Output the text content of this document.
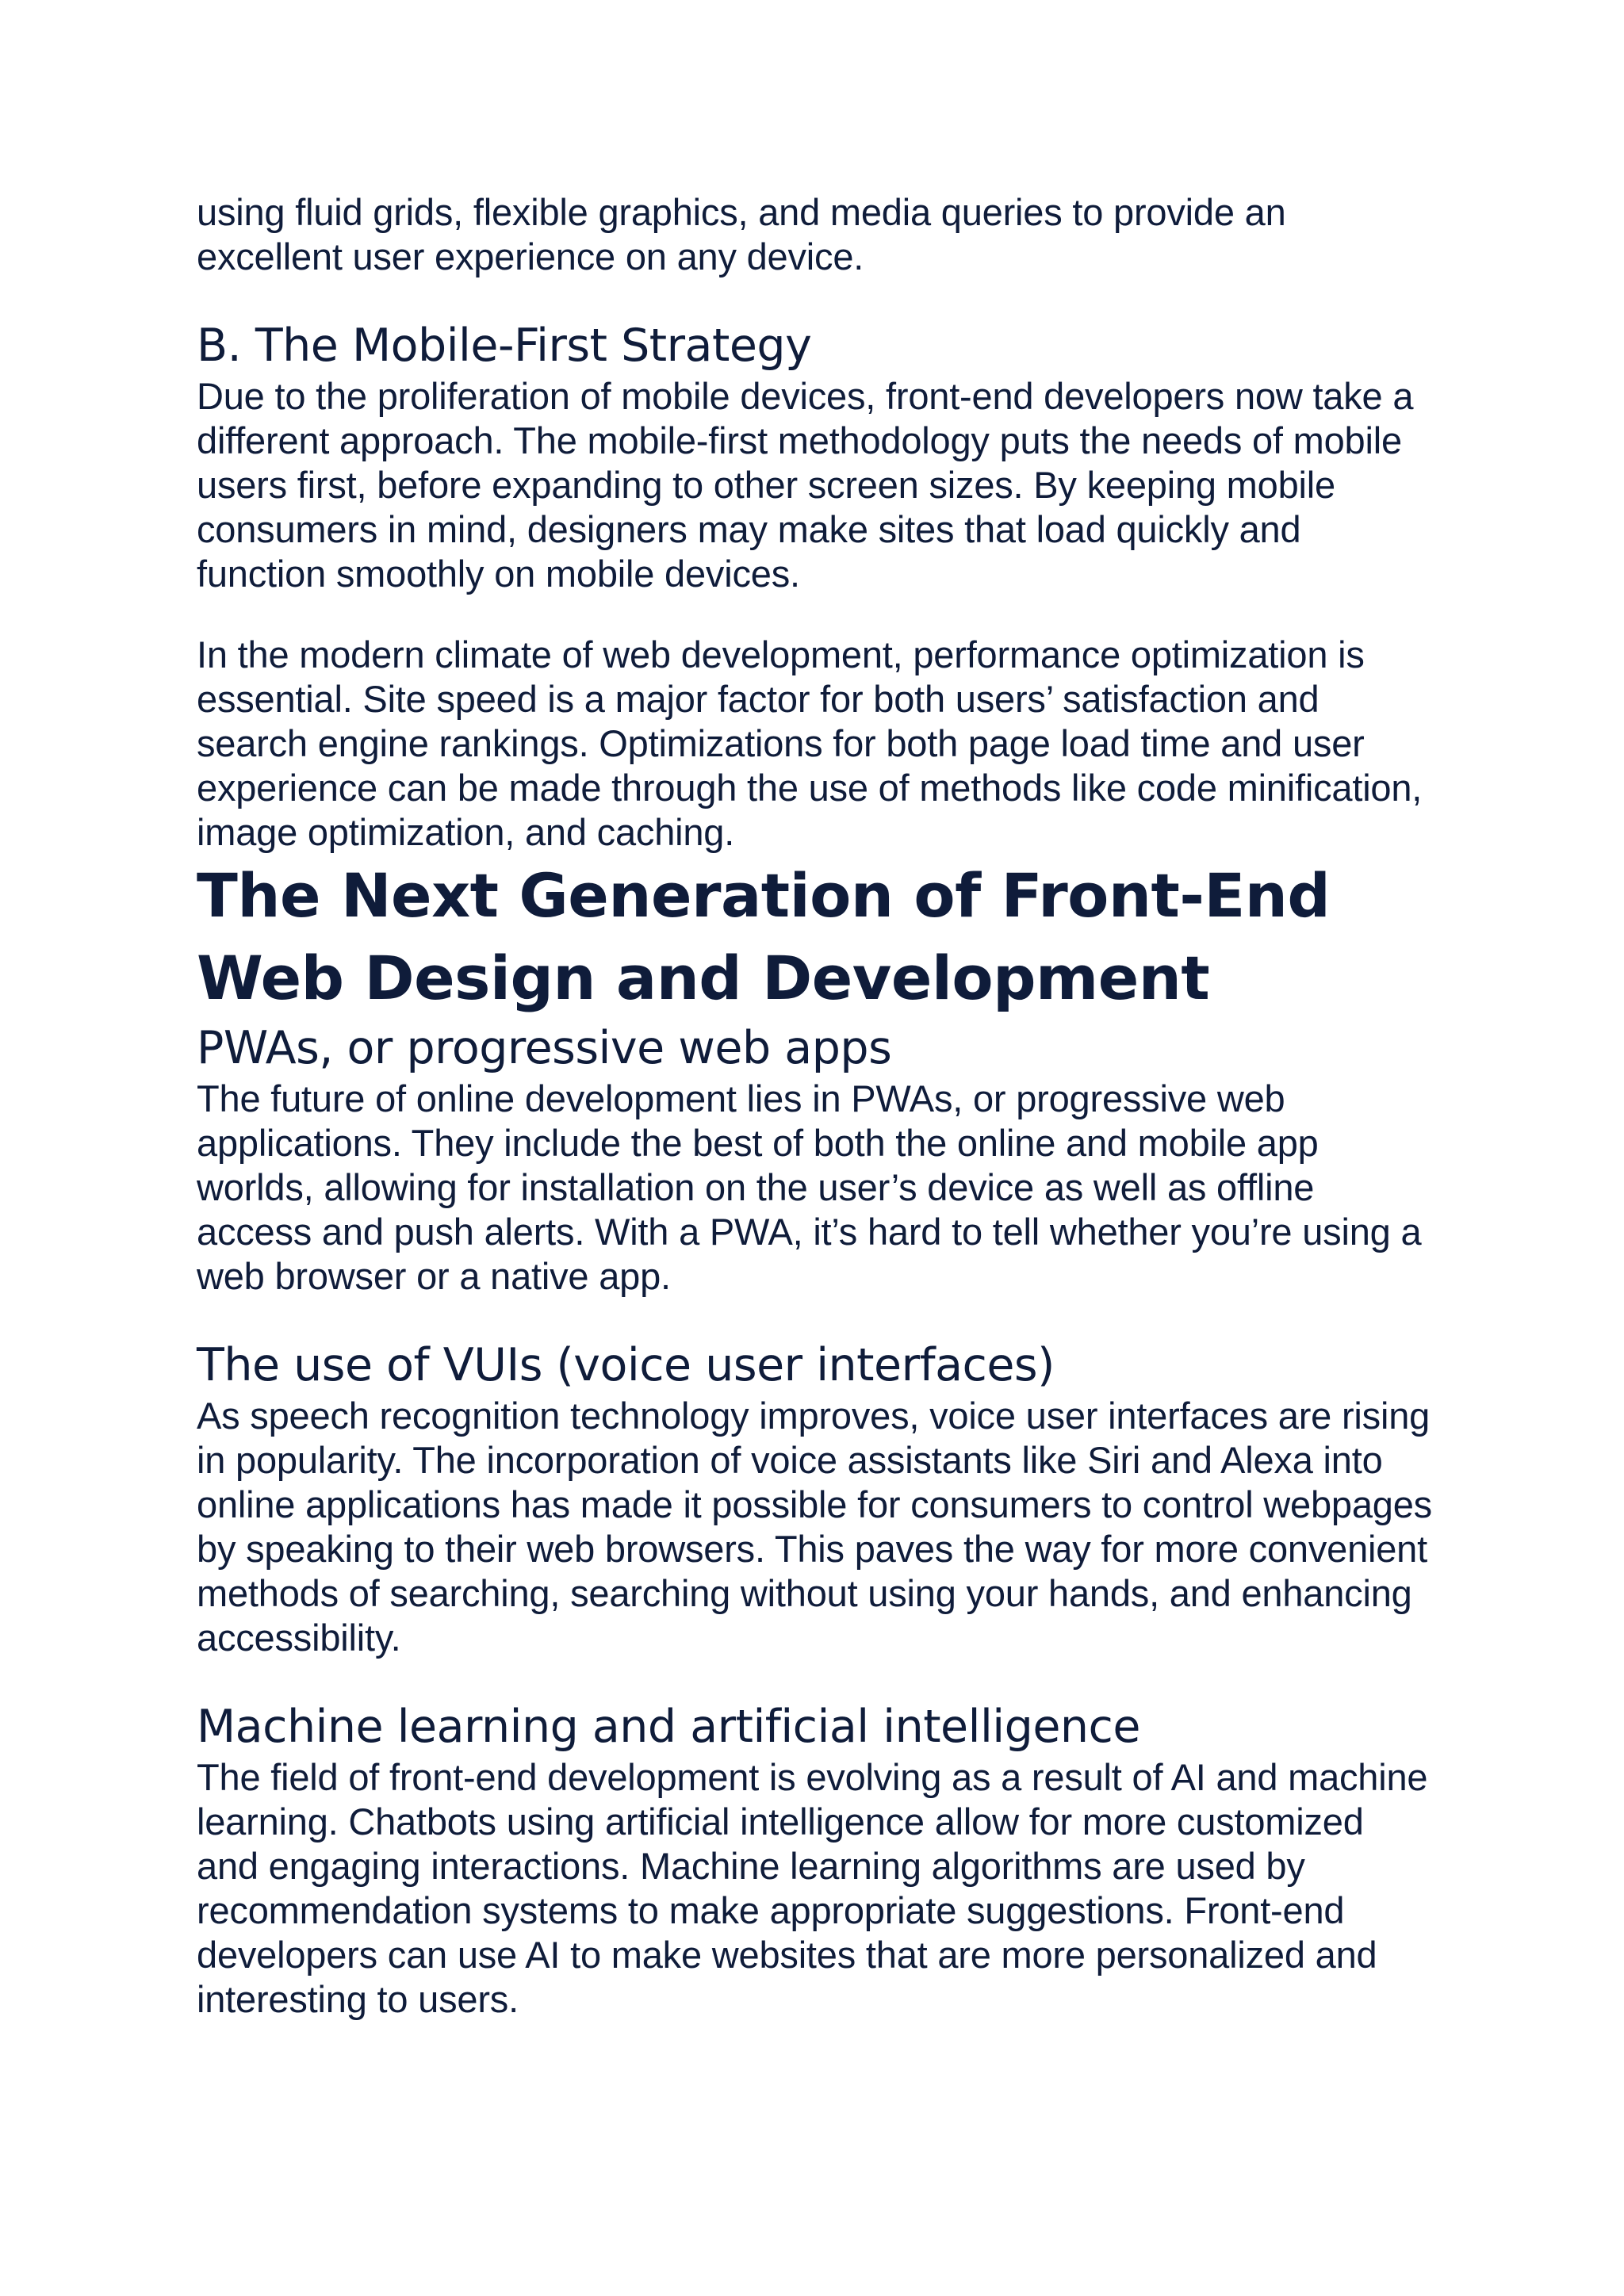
using fluid grids, flexible graphics, and media queries to provide an excellent user experience on any device.

B. The Mobile-First Strategy

Due to the proliferation of mobile devices, front-end developers now take a different approach. The mobile-first methodology puts the needs of mobile users first, before expanding to other screen sizes. By keeping mobile consumers in mind, designers may make sites that load quickly and function smoothly on mobile devices.

In the modern climate of web development, performance optimization is essential. Site speed is a major factor for both users’ satisfaction and search engine rankings. Optimizations for both page load time and user experience can be made through the use of methods like code minification, image optimization, and caching.

The Next Generation of Front-End Web Design and Development
PWAs, or progressive web apps

The future of online development lies in PWAs, or progressive web applications. They include the best of both the online and mobile app worlds, allowing for installation on the user’s device as well as offline access and push alerts. With a PWA, it’s hard to tell whether you’re using a web browser or a native app.

The use of VUIs (voice user interfaces)

As speech recognition technology improves, voice user interfaces are rising in popularity. The incorporation of voice assistants like Siri and Alexa into online applications has made it possible for consumers to control webpages by speaking to their web browsers. This paves the way for more convenient methods of searching, searching without using your hands, and enhancing accessibility.

Machine learning and artificial intelligence

The field of front-end development is evolving as a result of AI and machine learning. Chatbots using artificial intelligence allow for more customized and engaging interactions. Machine learning algorithms are used by recommendation systems to make appropriate suggestions. Front-end developers can use AI to make websites that are more personalized and interesting to users.
